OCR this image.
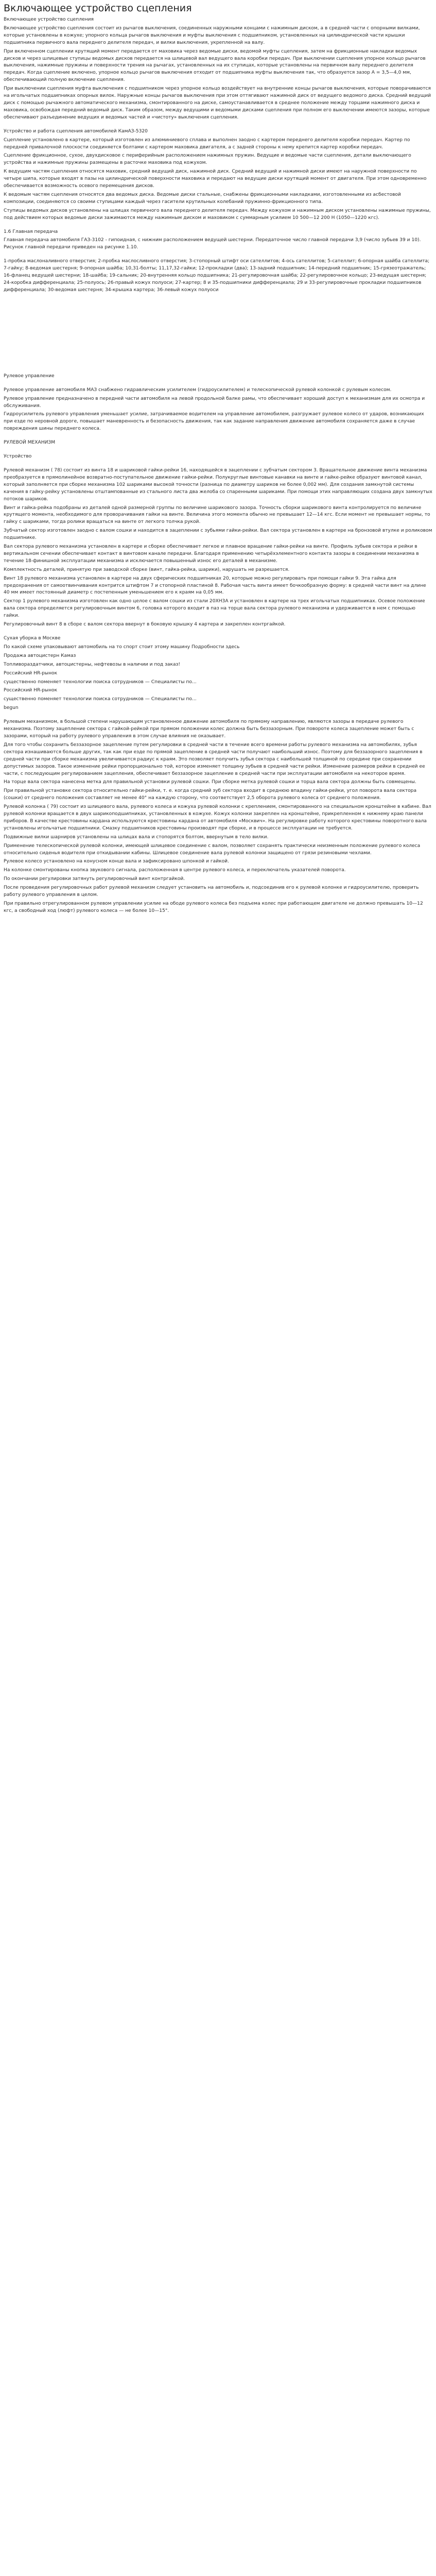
Включающее устройство сцепления

Включающее устройство сцепления

Включающее устройство сцепления состоит из рычагов выключения, соединенных наружными концами с нажимным диском, а в средней части с опорными вилками, которые установлены в кожухе; упорного кольца рычагов выключения и муфты выключения с подшипником, установленных на цилиндрической части крышки подшипника первичного вала переднего делителя передач, и вилки выключения, укрепленной на валу.

При включенном сцеплении крутящий момент передается от маховика через ведомые диски, ведомой муфты сцепления, затем на фрикционные накладки ведомых дисков и через шлицевые ступицы ведомых дисков передается на шлицевой вал ведущего вала коробки передач. При выключении сцепления упорное кольцо рычагов выключения, нажимные пружины и поверхности трения на рычагах, установленных на их ступицах, которые установлены на первичном валу переднего делителя передач. Когда сцепление включено, упорное кольцо рычагов выключения отходит от подшипника муфты выключения так, что образуется зазор А = 3,5—4,0 мм, обеспечивающий полную включение сцепления.

При выключении сцепления муфта выключения с подшипником через упорное кольцо воздействует на внутренние концы рычагов выключения, которые поворачиваются на игольчатых подшипниках опорных вилок. Наружные концы рычагов выключения при этом оттягивают нажимной диск от ведущего ведомого диска. Средний ведущий диск с помощью рычажного автоматического механизма, смонтированного на диске, самоустанавливается в среднее положение между торцами нажимного диска и маховика, освобождая передний ведомый диск. Таким образом, между ведущими и ведомыми дисками сцепления при полном его выключении имеются зазоры, которые обеспечивают разъединение ведущих и ведомых частей и «чистоту» выключения сцепления.

Устройство и работа сцепления автомобилей КамАЗ-5320

Сцепление установлено в картере, который изготовлен из алюминиевого сплава и выполнен заодно с картером переднего делителя коробки передач. Картер по передней привалочной плоскости соединяется болтами с картером маховика двигателя, а с задней стороны к нему крепится картер коробки передач.

Сцепление фрикционное, сухое, двухдисковое с периферийным расположением нажимных пружин. Ведущие и ведомые части сцепления, детали выключающего устройства и нажимные пружины размещены в расточке маховика под кожухом.

К ведущим частям сцепления относятся маховик, средний ведущий диск, нажимной диск. Средний ведущий и нажимной диски имеют на наружной поверхности по четыре шипа, которые входят в пазы на цилиндрической поверхности маховика и передают на ведущие диски крутящий момент от двигателя. При этом одновременно обеспечивается возможность осевого перемещения дисков.

К ведомым частям сцепления относятся два ведомых диска. Ведомые диски стальные, снабжены фрикционными накладками, изготовленными из асбестовой композиции, соединяются со своими ступицами каждый через гасители крутильных колебаний пружинно-фрикционного типа.

Ступицы ведомых дисков установлены на шлицах первичного вала переднего делителя передач. Между кожухом и нажимным диском установлены нажимные пружины, под действием которых ведомые диски зажимаются между нажимным диском и маховиком с суммарным усилием 10 500—12 200 Н (1050—1220 кгс).

1.6 Главная передача

Главная передача автомобиля ГАЗ-3102 - гипоидная, с нижним расположением ведущей шестерни. Передаточное число главной передачи 3,9 (число зубьев 39 и 10). Рисунок главной передачи приведен на рисунке 1.10.

1-пробка маслоналивного отверстия; 2-пробка маслосливного отверстия; 3-стопорный штифт оси сателлитов; 4-ось сателлитов; 5-сателлит; 6-опорная шайба сателлита; 7-гайку; 8-ведомая шестерня; 9-опорная шайба; 10,31-болты; 11,17,32-гайки; 12-прокладки (два); 13-задний подшипник; 14-передний подшипник; 15-грязеотражатель; 16-фланец ведущей шестерни; 18-шайба; 19-сальник; 20-внутренняя кольцо подшипника; 21-регулировочная шайба; 22-регулировочное кольцо; 23-ведущая шестерня; 24-коробка дифференциала; 25-полуось; 26-правый кожух полуоси; 27-картер; 8 и 35-подшипники дифференциала; 29 и 33-регулировочные прокладки подшипников дифференциала; 30-ведомая шестерня; 34-крышка картера; 36-левый кожух полуоси

Рулевое управление

Рулевое управление автомобиля МАЗ снабжено гидравлическим усилителем (гидроусилителем) и телескопической рулевой колонкой с рулевым колесом.

Рулевое управление предназначено в передней части автомобиля на левой продольной балке рамы, что обеспечивает хороший доступ к механизмам для их осмотра и обслуживания.

Гидроусилитель рулевого управления уменьшает усилие, затрачиваемое водителем на управление автомобилем, разгружает рулевое колесо от ударов, возникающих при езде по неровной дороге, повышает маневренность и безопасность движения, так как задание направления движение автомобиля сохраняется даже в случае повреждения шины переднего колеса.

РУЛЕВОЙ МЕХАНИЗМ

Устройство

Рулевой механизм ( 78) состоит из винта 18 и шариковой гайки-рейки 16, находящейся в зацеплении с зубчатым сектором 3. Вращательное движение винта механизма преобразуется в прямолинейное возвратно-поступательное движение гайки-рейки. Полукруглые винтовые канавки на винте и гайке-рейке образуют винтовой канал, который заполняется при сборке механизма 102 шариками высокой точности (разница по диаметру шариков не более 0,002 мм). Для создания замкнутой системы качения в гайку-рейку установлены отштампованные из стального листа два желоба со спаренными шариками. При помощи этих направляющих создана двух замкнутых потоков шариков.

Винт и гайка-рейка подобраны из деталей одной размерной группы по величине шарикового зазора. Точность сборки шарикового винта контролируется по величине крутящего момента, необходимого для проворачивания гайки на винте. Величина этого момента обычно не превышает 12—14 кгс. Если момент не превышает нормы, то гайку с шариками, тогда ролики вращаться на винте от легкого толчка рукой.

Зубчатый сектор изготовлен заодно с валом сошки и находится в зацеплении с зубьями гайки-рейки. Вал сектора установлен в картере на бронзовой втулке и роликовом подшипнике.

Вал сектора рулевого механизма установлен в картере и сборке обеспечивает легкое и плавное вращение гайки-рейки на винте. Профиль зубьев сектора и рейки в вертикальном сечении обеспечивает контакт в винтовом канале передачи. Благодаря применению четырёхэлементного контакта зазоры в соединении механизма в течение 18-финишной эксплуатации механизма и исключается повышенный износ его деталей в механизме.

Комплектность деталей, принятую при заводской сборке (винт, гайка-рейка, шарики), нарушать не разрешается.

Винт 18 рулевого механизма установлен в картере на двух сферических подшипниках 20, которые можно регулировать при помощи гайки 9. Эта гайка для предохранения от самоотвинчивания контрится штифтом 7 и стопорной пластиной 8. Рабочая часть винта имеет бочкообразную форму: в средней части винт на длине 40 мм имеет постоянный диаметр с постепенным уменьшением его к краям на 0,05 мм.

Сектор 1 рулевого механизма изготовлен как одно целое с валом сошки из стали 20ХН3А и установлен в картере на трех игольчатых подшипниках. Осевое положение вала сектора определяется регулировочным винтом 6, головка которого входит в паз на торце вала сектора рулевого механизма и удерживается в нем с помощью гайки.

Регулировочный винт 8 в сборе с валом сектора ввернут в боковую крышку 4 картера и закреплен контргайкой.

Сухая уборка в Москве

По какой схеме упаковывают автомобиль на то спорт стоит этому машину Подробности здесь

Продажа автоцистерн Камаз

Топливораздатчики, автоцистерны, нефтевозы в наличии и под заказ!

Российский HR-рынок

существенно поменяет технологии поиска сотрудников — Специалисты по...

Российский HR-рынок

существенно поменяет технологии поиска сотрудников — Специалисты по...

begun

Рулевым механизмом, в большой степени нарушающим установленное движение автомобиля по прямому направлению, являются зазоры в передаче рулевого механизма. Поэтому зацепление сектора с гайкой-рейкой при прямом положении колес должна быть беззазорным. При повороте колеса зацепление может быть с зазорами, который на работу рулевого управления в этом случае влияния не оказывает.

Для того чтобы сохранить беззазорное зацепление путем регулировки в средней части в течение всего времени работы рулевого механизма на автомобилях, зубья сектора изнашиваются больше других, так как при езде по прямой зацепление в средней части получают наибольший износ. Поэтому для беззазорного зацепления в средней части при сборке механизма увеличивается радиус к краям. Это позволяет получить зубья сектора с наибольшей толщиной по середине при сохранении допустимых зазоров. Такое изменение рейки пропорционально той, которое изменяет толщину зубьев в средней части рейки. Изменение размеров рейки в средней ее части, с последующим регулированием зацепления, обеспечивает беззазорное зацепление в средней части при эксплуатации автомобиля на некоторое время.

На торце вала сектора нанесена метка для правильной установки рулевой сошки. При сборке метка рулевой сошки и торца вала сектора должны быть совмещены.

При правильной установке сектора относительно гайки-рейки, т. е. когда средний зуб сектора входит в среднюю впадину гайки-рейки, угол поворота вала сектора (сошки) от среднего положения составляет не менее 40° на каждую сторону, что соответствует 2,5 оборота рулевого колеса от среднего положения.

Рулевой колонка ( 79) состоит из шлицевого вала, рулевого колеса и кожуха рулевой колонки с креплением, смонтированного на специальном кронштейне в кабине. Вал рулевой колонки вращается в двух шарикоподшипниках, установленных в кожухе. Кожух колонки закреплен на кронштейне, прикрепленном к нижнему краю панели приборов. В качестве крестовины кардана используются крестовины кардана от автомобиля «Москвич». На регулировке работу которого крестовины поворотного вала установлены игольчатые подшипники. Смазку подшипников крестовины производят при сборке, и в процессе эксплуатации не требуется.

Подвижные вилки шарниров установлены на шлицах вала и стопорятся болтом, ввернутым в тело вилки.

Применение телескопической рулевой колонки, имеющей шлицевое соединение с валом, позволяет сохранять практически неизменным положение рулевого колеса относительно сиденья водителя при откидывании кабины. Шлицевое соединение вала рулевой колонки защищено от грязи резиновыми чехлами.

Рулевое колесо установлено на конусном конце вала и зафиксировано шпонкой и гайкой.

На колонке смонтированы кнопка звукового сигнала, расположенная в центре рулевого колеса, и переключатель указателей поворота.

По окончании регулировки затянуть регулировочный винт контргайкой.

После проведения регулировочных работ рулевой механизм следует установить на автомобиль и, подсоединив его к рулевой колонке и гидроусилителю, проверить работу рулевого управления в целом.

При правильно отрегулированном рулевом управлении усилие на ободе рулевого колеса без подъема колес при работающем двигателе не должно превышать 10—12 кгс, а свободный ход (люфт) рулевого колеса — не более 10—15°.
